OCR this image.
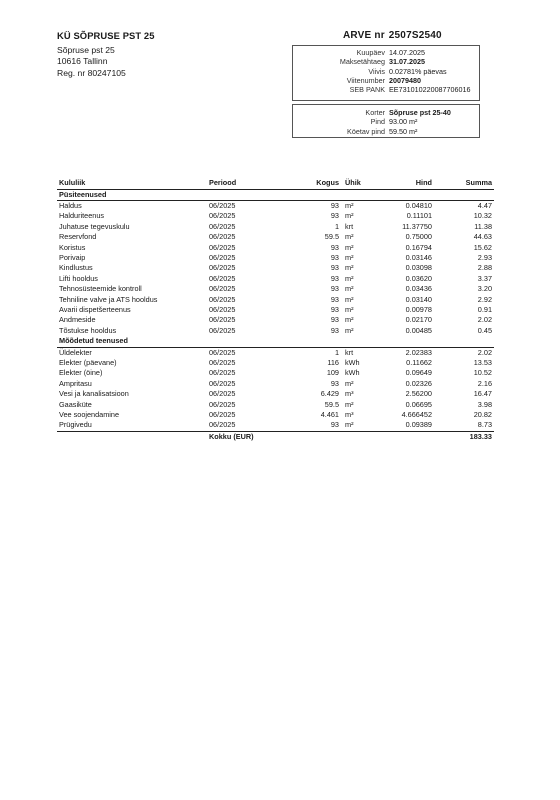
KÜ SÕPRUSE PST 25
Sõpruse pst 25
10616 Tallinn
Reg. nr 80247105
ARVE nr 2507S2540
Kuupäev 14.07.2025
Maksetähtaeg 31.07.2025
Viivis 0.02781% päevas
Viitenumber 20079480
SEB PANK EE731010220087706016
Korter Sõpruse pst 25-40
Pind 93.00 m²
Köetav pind 59.50 m²
Kululiik	Periood	Kogus	Ühik	Hind	Summa
Püsiteenused					
Haldus	06/2025	93	m²	0.04810	4.47
Halduriteenus	06/2025	93	m²	0.11101	10.32
Juhatuse tegevuskulu	06/2025	1	krt	11.37750	11.38
Reservfond	06/2025	59.5	m²	0.75000	44.63
Koristus	06/2025	93	m²	0.16794	15.62
Porivaip	06/2025	93	m²	0.03146	2.93
Kindlustus	06/2025	93	m²	0.03098	2.88
Lifti hooldus	06/2025	93	m²	0.03620	3.37
Tehnosüsteemide kontroll	06/2025	93	m²	0.03436	3.20
Tehniline valve ja ATS hooldus	06/2025	93	m²	0.03140	2.92
Avarii dispetšerteenus	06/2025	93	m²	0.00978	0.91
Andmeside	06/2025	93	m²	0.02170	2.02
Tõstukse hooldus	06/2025	93	m²	0.00485	0.45
Mõõdetud teenused					
Üldelekter	06/2025	1	krt	2.02383	2.02
Elekter (päevane)	06/2025	116	kWh	0.11662	13.53
Elekter (öine)	06/2025	109	kWh	0.09649	10.52
Ampritasu	06/2025	93	m²	0.02326	2.16
Vesi ja kanalisatsioon	06/2025	6.429	m³	2.56200	16.47
Gaasiküte	06/2025	59.5	m²	0.06695	3.98
Vee soojendamine	06/2025	4.461	m³	4.666452	20.82
Prügivedu	06/2025	93	m²	0.09389	8.73
	Kokku (EUR)				183.33
